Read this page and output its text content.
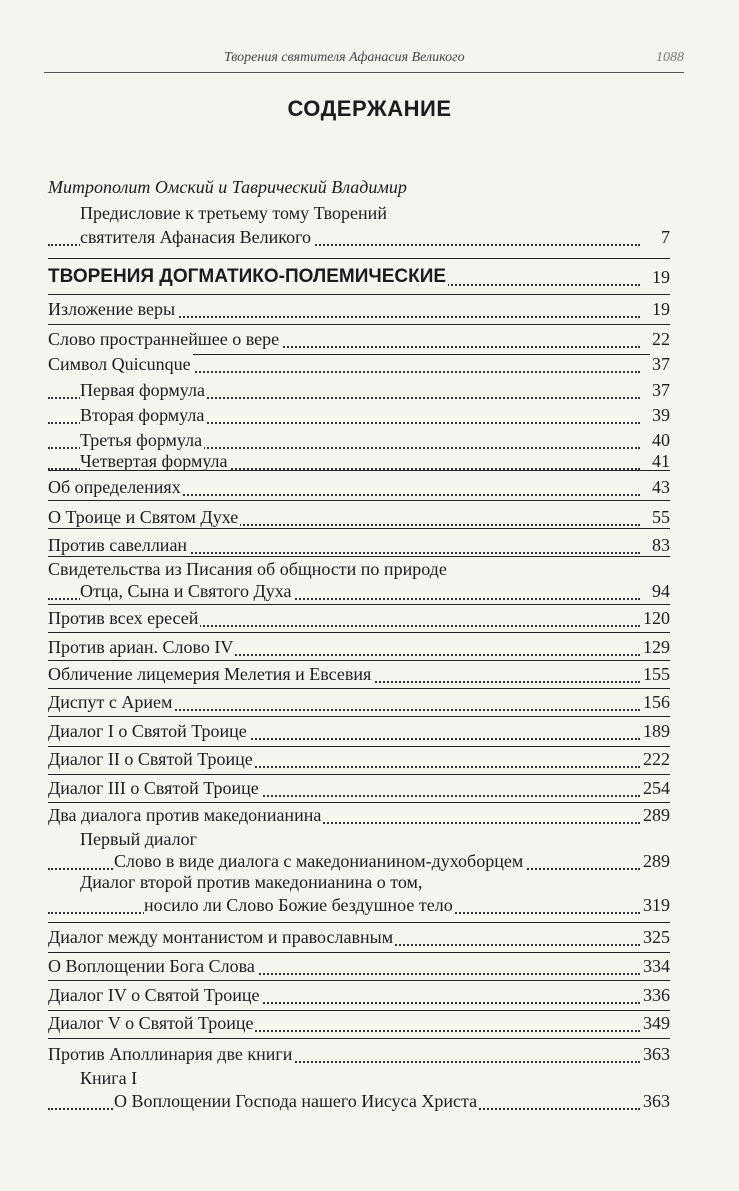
Творения святителя Афанасия Великого	1088
СОДЕРЖАНИЕ
Митрополит Омский и Таврический Владимир
Предисловие к третьему тому Творений
святителя Афанасия Великого	7
ТВОРЕНИЯ ДОГМАТИКО-ПОЛЕМИЧЕСКИЕ	19
Изложение веры	19
Слово пространнейшее о вере	22
Символ Quicunque	37
Первая формула	37
Вторая формула	39
Третья формула	40
Четвертая формула	41
Об определениях	43
О Троице и Святом Духе	55
Против савеллиан	83
Свидетельства из Писания об общности по природе
Отца, Сына и Святого Духа	94
Против всех ересей	120
Против ариан. Слово IV	129
Обличение лицемерия Мелетия и Евсевия	155
Диспут с Арием	156
Диалог I о Святой Троице	189
Диалог II о Святой Троице	222
Диалог III о Святой Троице	254
Два диалога против македонианина	289
Первый диалог
Слово в виде диалога с македонианином-духоборцем	289
Диалог второй против македонианина о том,
носило ли Слово Божие бездушное тело	319
Диалог между монтанистом и православным	325
О Воплощении Бога Слова	334
Диалог IV о Святой Троице	336
Диалог V о Святой Троице	349
Против Аполлинария две книги	363
Книга I
О Воплощении Господа нашего Иисуса Христа	363
